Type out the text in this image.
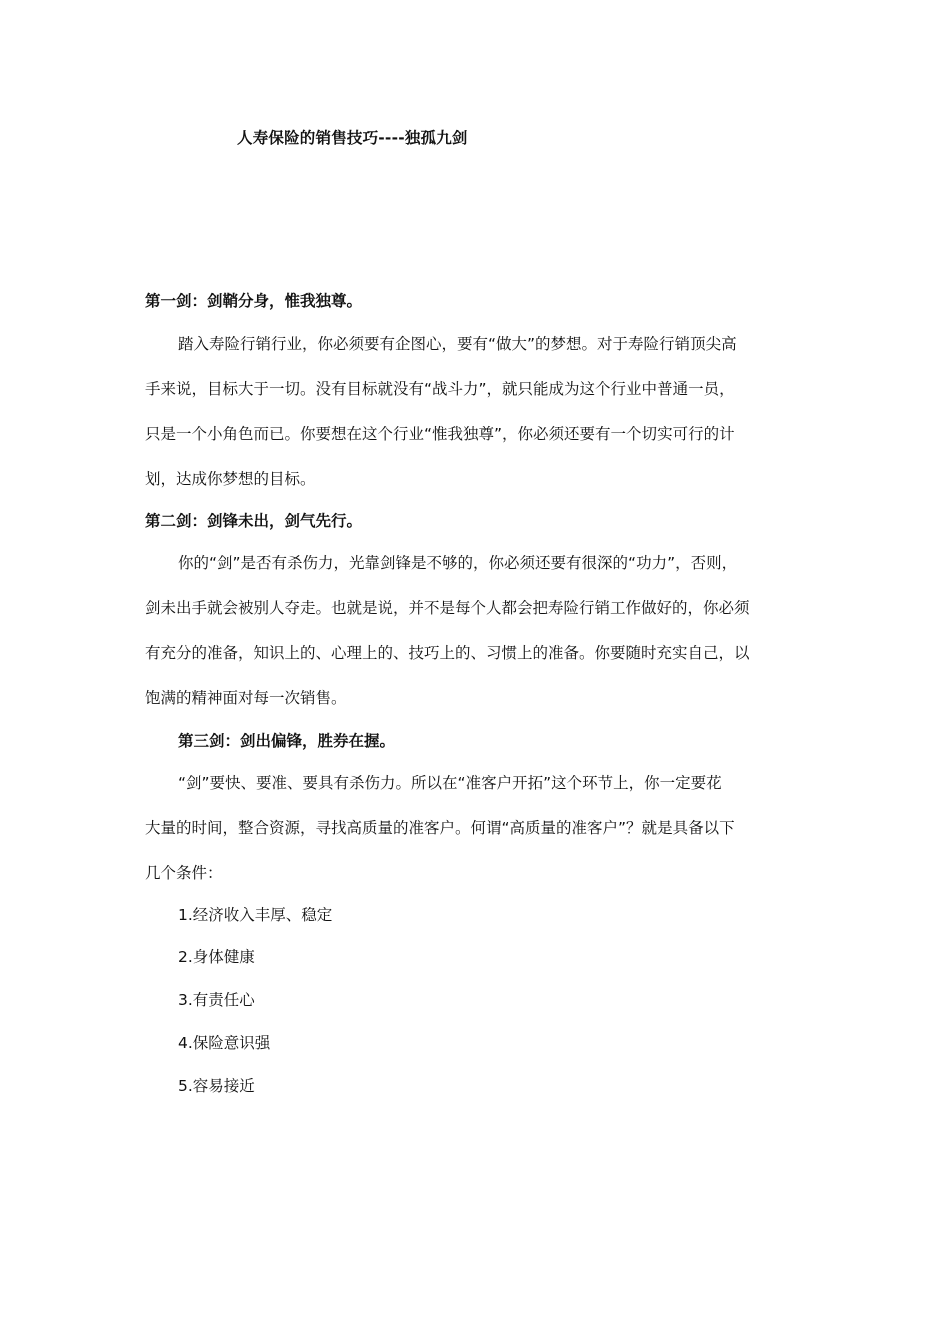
人寿保险的销售技巧----独孤九剑
第一剑：剑鞘分身，惟我独尊。
踏入寿险行销行业，你必须要有企图心，要有“做大”的梦想。对于寿险行销顶尖高
手来说，目标大于一切。没有目标就没有“战斗力”，就只能成为这个行业中普通一员，
只是一个小角色而已。你要想在这个行业“惟我独尊”，你必须还要有一个切实可行的计
划，达成你梦想的目标。
第二剑：剑锋未出，剑气先行。
你的“剑”是否有杀伤力，光靠剑锋是不够的，你必须还要有很深的“功力”，否则，
剑未出手就会被别人夺走。也就是说，并不是每个人都会把寿险行销工作做好的，你必须
有充分的准备，知识上的、心理上的、技巧上的、习惯上的准备。你要随时充实自己，以
饱满的精神面对每一次销售。
第三剑：剑出偏锋，胜券在握。
“剑”要快、要准、要具有杀伤力。所以在“准客户开拓”这个环节上，你一定要花
大量的时间，整合资源，寻找高质量的准客户。何谓“高质量的准客户”？就是具备以下
几个条件：
1.经济收入丰厚、稳定
2.身体健康
3.有责任心
4.保险意识强
5.容易接近
